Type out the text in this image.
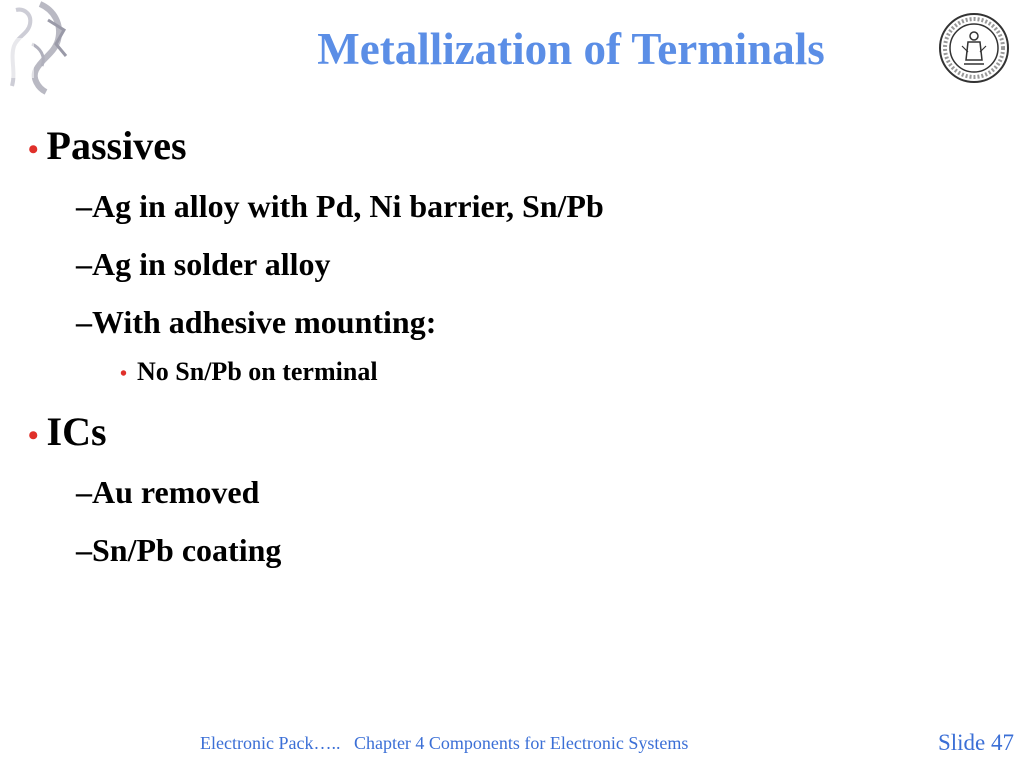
Metallization of Terminals
• Passives
–Ag in alloy with Pd, Ni barrier, Sn/Pb
–Ag in solder alloy
–With adhesive mounting:
• No Sn/Pb on terminal
• ICs
–Au removed
–Sn/Pb coating
Electronic Pack…..   Chapter 4 Components for Electronic Systems	Slide 47
